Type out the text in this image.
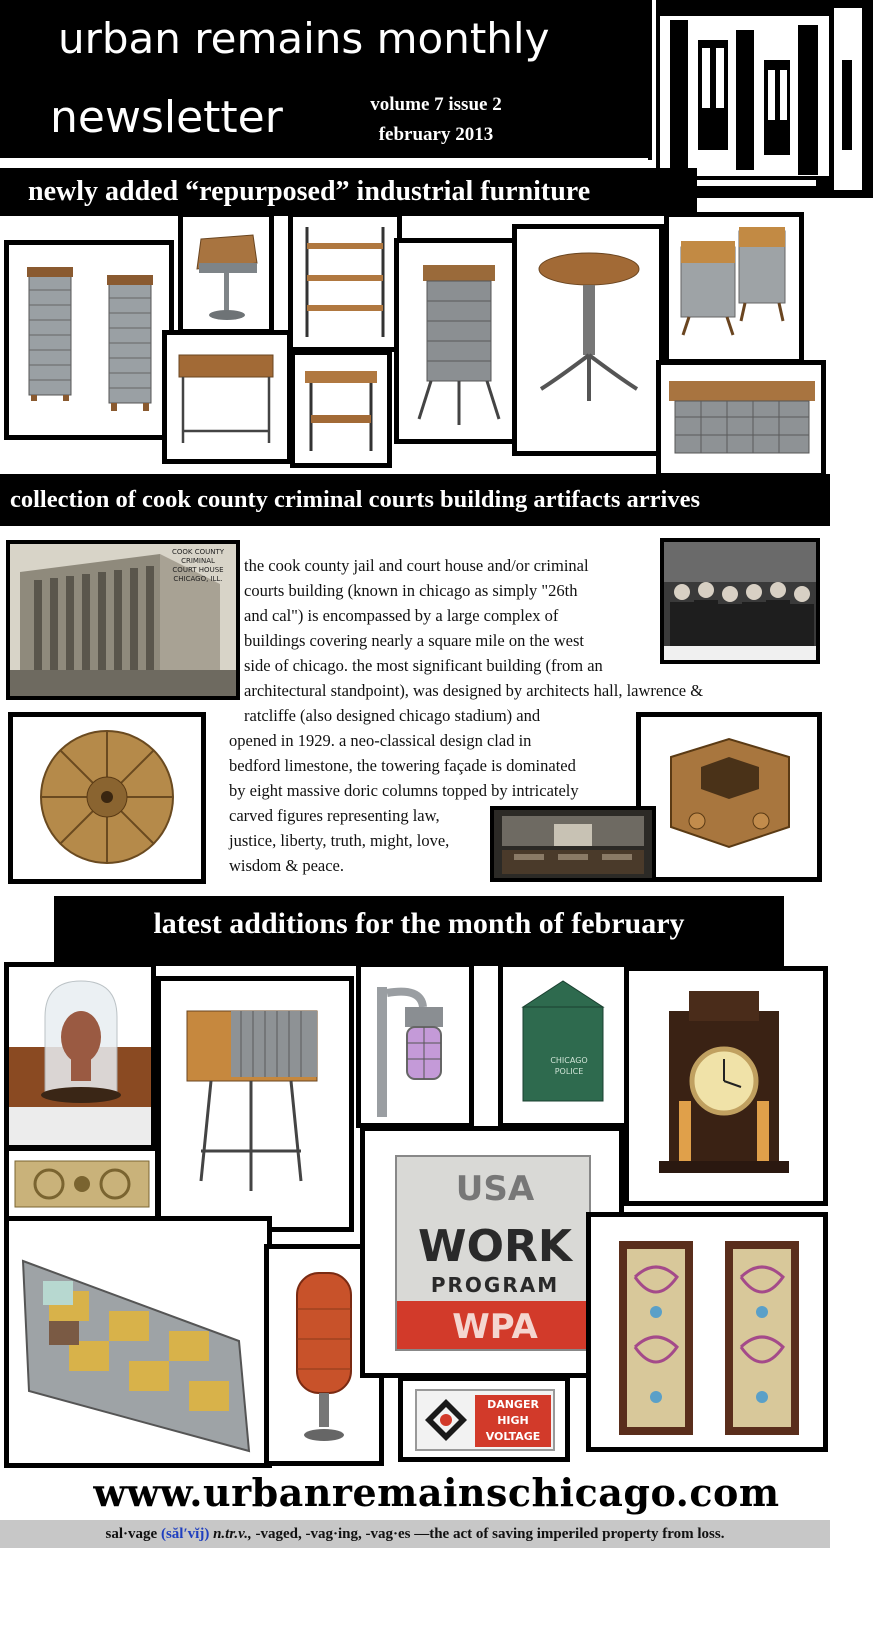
urban remains monthly
newsletter	volume 7 issue 2
february 2013
newly added “repurposed” industrial furniture
collection of cook county criminal courts building artifacts arrives
COOK COUNTY CRIMINAL
COURT HOUSE
CHICAGO, ILL.
the cook county jail and court house and/or criminal
courts building (known in chicago as simply "26th
and cal") is encompassed by a large complex of
buildings covering nearly a square mile on the west
side of chicago. the most significant building (from an
architectural standpoint), was designed by architects hall, lawrence &
ratcliffe (also designed chicago stadium) and
opened in 1929. a neo-classical design clad in
bedford limestone, the towering façade is dominated
by eight massive doric columns topped by intricately
carved figures representing law,
justice, liberty, truth, might, love,
wisdom & peace.
latest additions for the month of february
CHICAGO
POLICE
USA
WORK
PROGRAM
WPA
DANGER
HIGH
VOLTAGE
www.urbanremainschicago.com
sal·vage (sălʹvĭj) n.tr.v., -vaged, -vag·ing, -vag·es —the act of saving imperiled property from loss.
